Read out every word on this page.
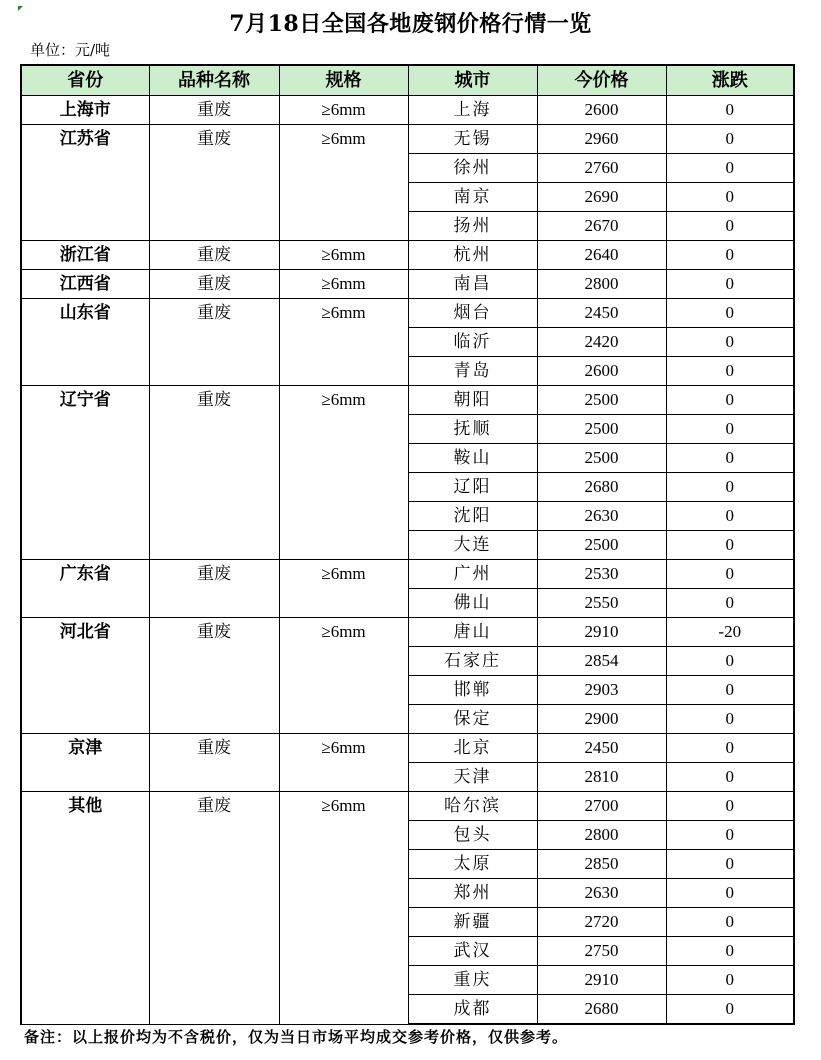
7月18日全国各地废钢价格行情一览
单位：元/吨
省份	品种名称	规格	城市	今价格	涨跌
上海市	重废	≥6mm	上海	2600	0
江苏省	重废	≥6mm	无锡	2960	0
			徐州	2760	0
			南京	2690	0
			扬州	2670	0
浙江省	重废	≥6mm	杭州	2640	0
江西省	重废	≥6mm	南昌	2800	0
山东省	重废	≥6mm	烟台	2450	0
			临沂	2420	0
			青岛	2600	0
辽宁省	重废	≥6mm	朝阳	2500	0
			抚顺	2500	0
			鞍山	2500	0
			辽阳	2680	0
			沈阳	2630	0
			大连	2500	0
广东省	重废	≥6mm	广州	2530	0
			佛山	2550	0
河北省	重废	≥6mm	唐山	2910	-20
			石家庄	2854	0
			邯郸	2903	0
			保定	2900	0
京津	重废	≥6mm	北京	2450	0
			天津	2810	0
其他	重废	≥6mm	哈尔滨	2700	0
			包头	2800	0
			太原	2850	0
			郑州	2630	0
			新疆	2720	0
			武汉	2750	0
			重庆	2910	0
			成都	2680	0
备注：以上报价均为不含税价，仅为当日市场平均成交参考价格，仅供参考。
